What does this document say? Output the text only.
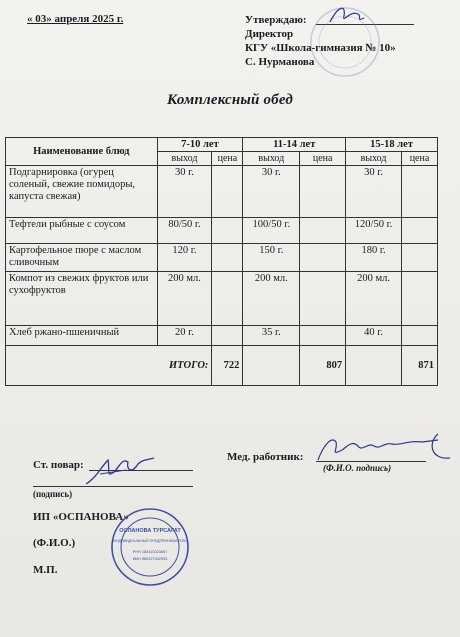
« 03» апреля 2025 г.	Утверждаю:
Директор
КГУ «Школа-гимназия № 10»
С. Нурманова
Комплексный обед
Наименование блюд	7-10 лет		11-14 лет		15-18 лет	
	выход	цена	выход	цена	выход	цена
Подгарнировка (огурец соленый, свежие помидоры, капуста свежая)	30 г.		30 г.		30 г.	
Тефтели рыбные с соусом	80/50 г.		100/50 г.		120/50 г.	
Картофельное пюре с маслом сливочным	120 г.		150 г.		180 г.	
Компот из свежих фруктов или сухофруктов	200 мл.		200 мл.		200 мл.	
Хлеб ржано-пшеничный	20 г.		35 г.		40 г.	
ИТОГО:		722		807		871
Ст. повар:
(подпись)
Мед. работник:
(Ф.И.О. подпись)
ИП «ОСПАНОВА»
(Ф.И.О.)
М.П.
ОСПАНОВА ТУРСАГАТ
ИНДИВИДУАЛЬНЫЙ ПРЕДПРИНИМАТЕЛЬ
РНН 182410023657
ИИН 580427402093
